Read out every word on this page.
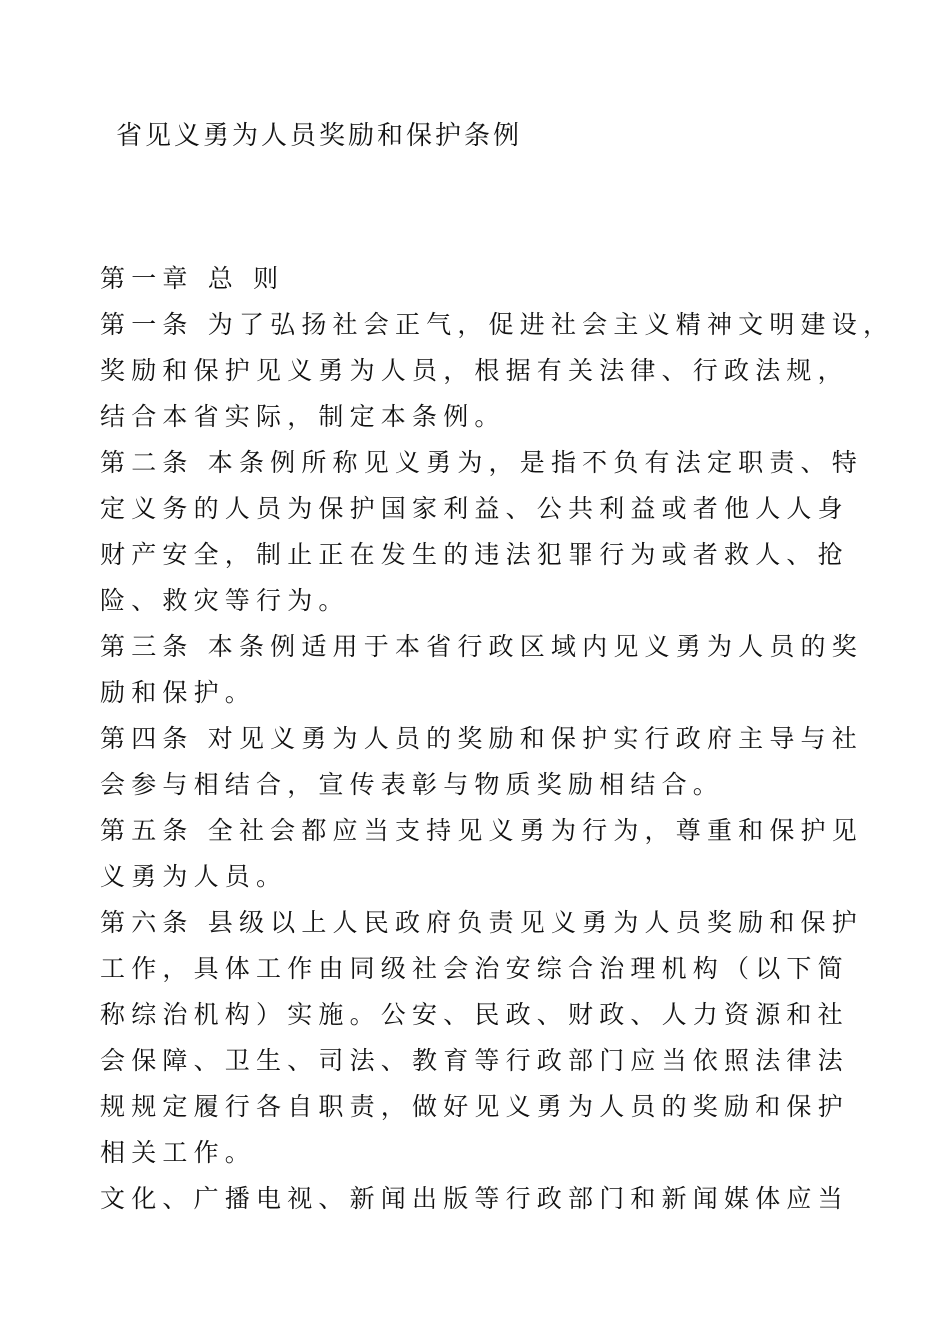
省见义勇为人员奖励和保护条例
第一章 总 则
第一条 为了弘扬社会正气，促进社会主义精神文明建设，
奖励和保护见义勇为人员，根据有关法律、行政法规，
结合本省实际，制定本条例。
第二条 本条例所称见义勇为，是指不负有法定职责、特
定义务的人员为保护国家利益、公共利益或者他人人身
财产安全，制止正在发生的违法犯罪行为或者救人、抢
险、救灾等行为。
第三条 本条例适用于本省行政区域内见义勇为人员的奖
励和保护。
第四条 对见义勇为人员的奖励和保护实行政府主导与社
会参与相结合，宣传表彰与物质奖励相结合。
第五条 全社会都应当支持见义勇为行为，尊重和保护见
义勇为人员。
第六条 县级以上人民政府负责见义勇为人员奖励和保护
工作，具体工作由同级社会治安综合治理机构（以下简
称综治机构）实施。公安、民政、财政、人力资源和社
会保障、卫生、司法、教育等行政部门应当依照法律法
规规定履行各自职责，做好见义勇为人员的奖励和保护
相关工作。
文化、广播电视、新闻出版等行政部门和新闻媒体应当
